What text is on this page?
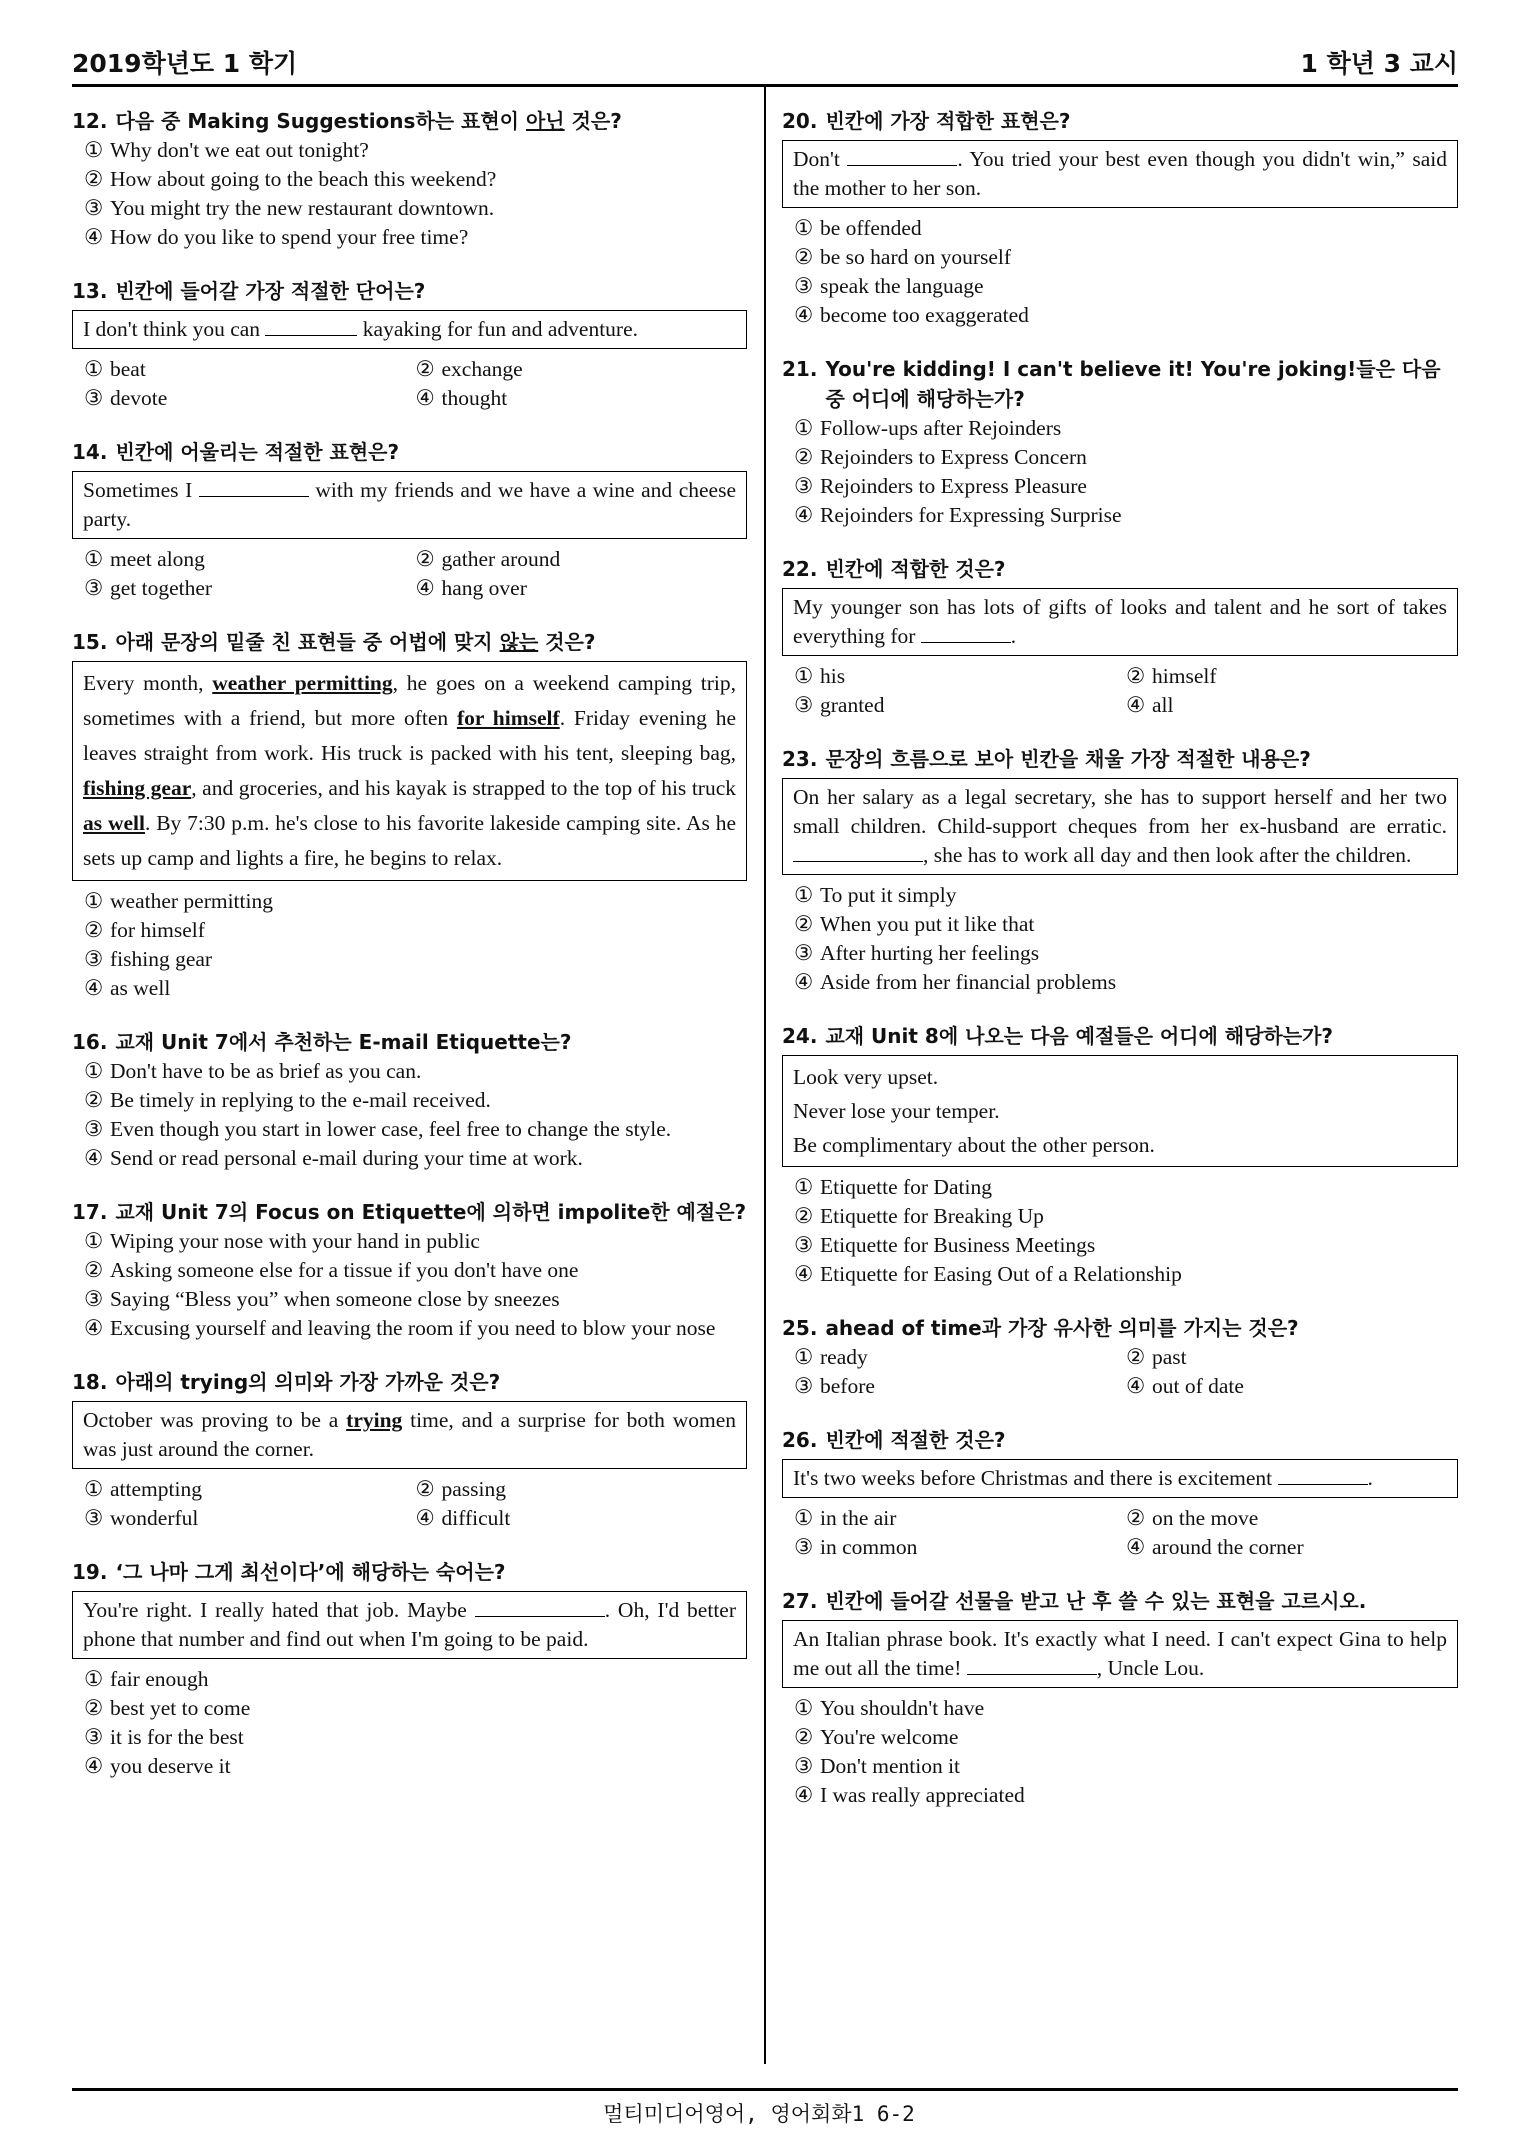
2019학년도 1 학기	1 학년 3 교시
12. 다음 중 Making Suggestions하는 표현이 아닌 것은?
① Why don't we eat out tonight?
② How about going to the beach this weekend?
③ You might try the new restaurant downtown.
④ How do you like to spend your free time?
13. 빈칸에 들어갈 가장 적절한 단어는?
I don't think you can	kayaking for fun and adventure.
① beat	② exchange
③ devote	④ thought
14. 빈칸에 어울리는 적절한 표현은?
Sometimes I	with my friends and we have a wine and cheese party.
① meet along	② gather around
③ get together	④ hang over
15. 아래 문장의 밑줄 친 표현들 중 어법에 맞지 않는 것은?
Every month, weather permitting, he goes on a weekend camping trip, sometimes with a friend, but more often for himself. Friday evening he leaves straight from work. His truck is packed with his tent, sleeping bag, fishing gear, and groceries, and his kayak is strapped to the top of his truck as well. By 7:30 p.m. he's close to his favorite lakeside camping site. As he sets up camp and lights a fire, he begins to relax.
① weather permitting
② for himself
③ fishing gear
④ as well
16. 교재 Unit 7에서 추천하는 E-mail Etiquette는?
① Don't have to be as brief as you can.
② Be timely in replying to the e-mail received.
③ Even though you start in lower case, feel free to change the style.
④ Send or read personal e-mail during your time at work.
17. 교재 Unit 7의 Focus on Etiquette에 의하면 impolite한 예절은?
① Wiping your nose with your hand in public
② Asking someone else for a tissue if you don't have one
③ Saying “Bless you” when someone close by sneezes
④ Excusing yourself and leaving the room if you need to blow your nose
18. 아래의 trying의 의미와 가장 가까운 것은?
October was proving to be a trying time, and a surprise for both women was just around the corner.
① attempting	② passing
③ wonderful	④ difficult
19. ‘그 나마 그게 최선이다’에 해당하는 숙어는?
You're right. I really hated that job. Maybe	. Oh, I'd better phone that number and find out when I'm going to be paid.
① fair enough
② best yet to come
③ it is for the best
④ you deserve it
20. 빈칸에 가장 적합한 표현은?
Don't	. You tried your best even though you didn't win,” said the mother to her son.
① be offended
② be so hard on yourself
③ speak the language
④ become too exaggerated
21. You're kidding! I can't believe it! You're joking!들은 다음 중 어디에 해당하는가?
① Follow-ups after Rejoinders
② Rejoinders to Express Concern
③ Rejoinders to Express Pleasure
④ Rejoinders for Expressing Surprise
22. 빈칸에 적합한 것은?
My younger son has lots of gifts of looks and talent and he sort of takes everything for	.
① his	② himself
③ granted	④ all
23. 문장의 흐름으로 보아 빈칸을 채울 가장 적절한 내용은?
On her salary as a legal secretary, she has to support herself and her two small children. Child-support cheques from her ex-husband are erratic. , she has to work all day and then look after the children.
① To put it simply
② When you put it like that
③ After hurting her feelings
④ Aside from her financial problems
24. 교재 Unit 8에 나오는 다음 예절들은 어디에 해당하는가?
Look very upset.
Never lose your temper.
Be complimentary about the other person.
① Etiquette for Dating
② Etiquette for Breaking Up
③ Etiquette for Business Meetings
④ Etiquette for Easing Out of a Relationship
25. ahead of time과 가장 유사한 의미를 가지는 것은?
① ready	② past
③ before	④ out of date
26. 빈칸에 적절한 것은?
It's two weeks before Christmas and there is excitement	.
① in the air	② on the move
③ in common	④ around the corner
27. 빈칸에 들어갈 선물을 받고 난 후 쓸 수 있는 표현을 고르시오.
An Italian phrase book. It's exactly what I need. I can't expect Gina to help me out all the time!	, Uncle Lou.
① You shouldn't have
② You're welcome
③ Don't mention it
④ I was really appreciated
멀티미디어영어, 영어회화1 6-2
